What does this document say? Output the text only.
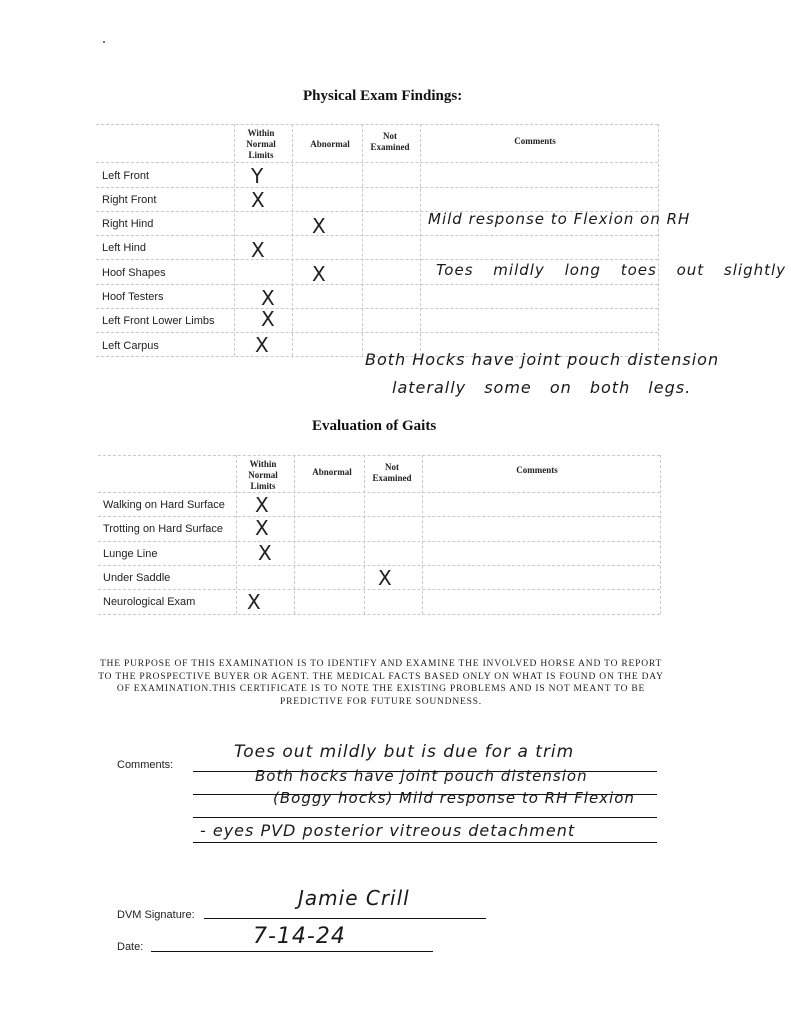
Physical Exam Findings:
Within Normal Limits
Abnormal
Not Examined
Comments
Left Front
Right Front
Right Hind
Left Hind
Hoof Shapes
Hoof Testers
Left Front Lower Limbs
Left Carpus
Y
X
X
X
X
X
X
X
Mild response to Flexion on RH
Toes mildly long toes out slightly
Both Hocks have joint pouch distension
laterally some on both legs.
Evaluation of Gaits
Within Normal Limits
Abnormal	Not Examined
Comments
Walking on Hard Surface
Trotting on Hard Surface
Lunge Line
Under Saddle
Neurological Exam
X
X
X
X
X
THE PURPOSE OF THIS EXAMINATION IS TO IDENTIFY AND EXAMINE THE INVOLVED HORSE AND TO REPORT TO THE PROSPECTIVE BUYER OR AGENT. THE MEDICAL FACTS BASED ONLY ON WHAT IS FOUND ON THE DAY OF EXAMINATION.THIS CERTIFICATE IS TO NOTE THE EXISTING PROBLEMS AND IS NOT MEANT TO BE PREDICTIVE FOR FUTURE SOUNDNESS.
Comments:
Toes out mildly but is due for a trim
Both hocks have joint pouch distension
(Boggy hocks) Mild response to RH Flexion
- eyes PVD posterior vitreous detachment
DVM Signature:
Jamie Crill
Date:	7-14-24
